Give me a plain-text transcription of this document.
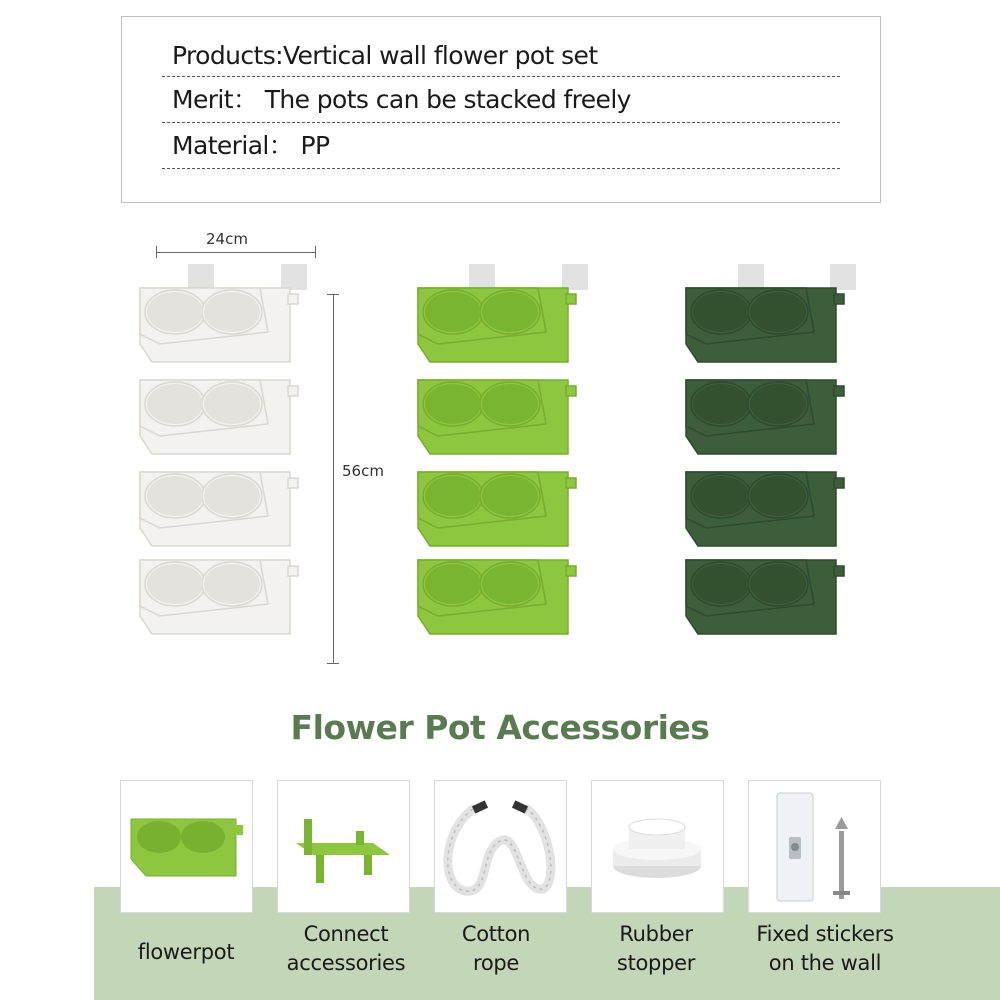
Products:Vertical wall flower pot set
Merit： The pots can be stacked freely
Material： PP
24cm
56cm
Flower Pot Accessories
flowerpot
Connect
accessories
Cotton
rope
Rubber
stopper
Fixed stickers
on the wall
